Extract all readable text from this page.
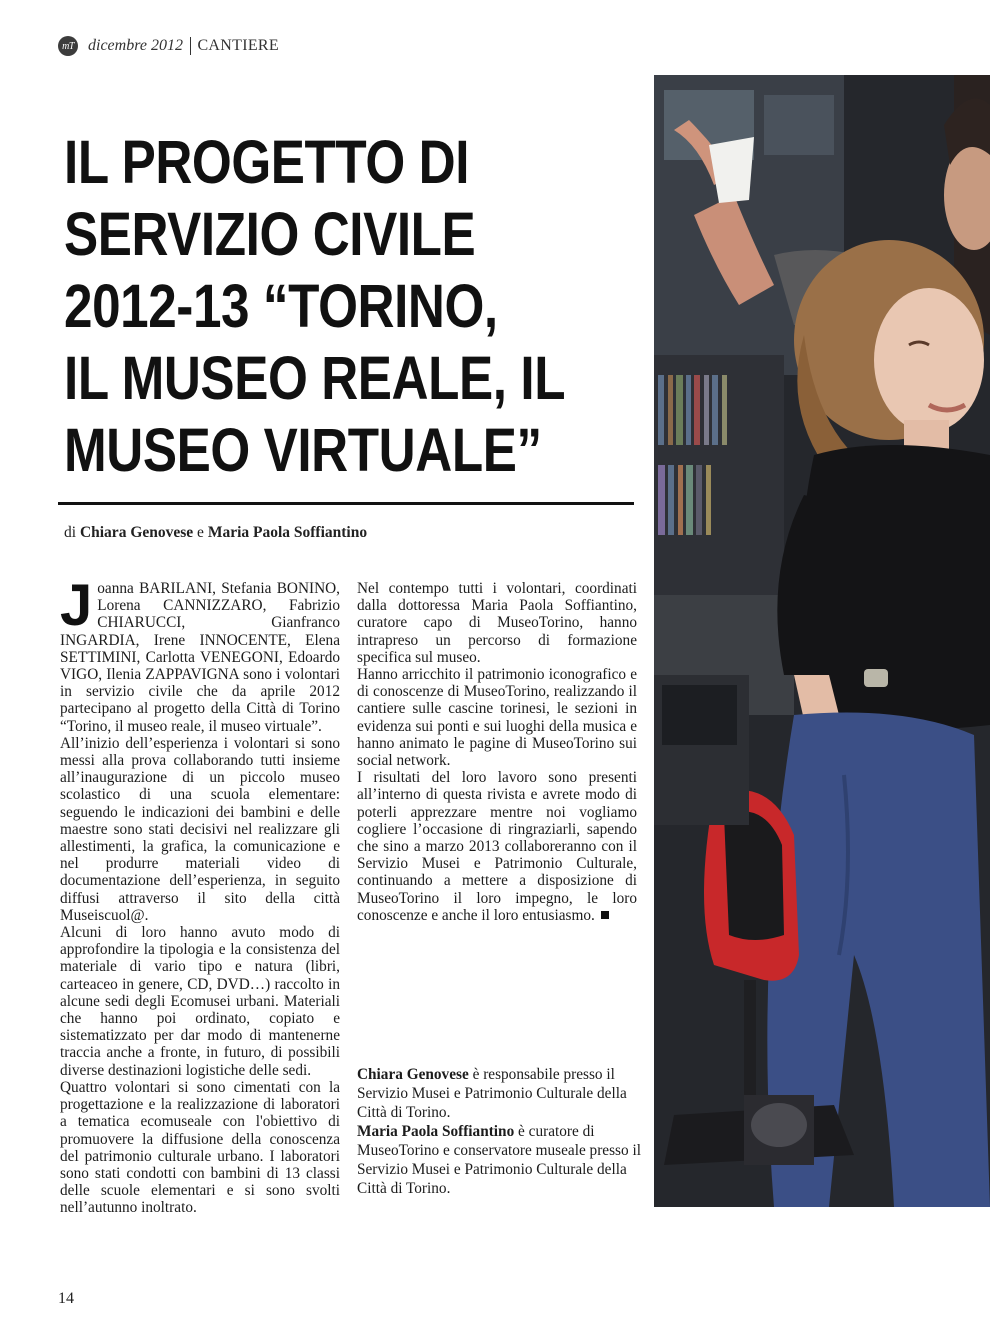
mT dicembre 2012 CANTIERE
IL PROGETTO DI
SERVIZIO CIVILE
2012-13 “TORINO,
IL MUSEO REALE, IL
MUSEO VIRTUALE”
di Chiara Genovese e Maria Paola Soffiantino

Joanna BARILANI, Stefania BONINO, Lorena CANNIZZARO, Fabrizio CHIARUCCI, Gianfranco INGARDIA, Irene INNOCENTE, Elena SETTIMINI, Carlotta VENEGONI, Edoardo VIGO, Ilenia ZAPPAVIGNA sono i volontari in servizio civile che da aprile 2012 partecipano al progetto della Città di Torino “Torino, il museo reale, il museo virtuale”.

All’inizio dell’esperienza i volontari si sono messi alla prova collaborando tutti insieme all’inaugurazione di un piccolo museo scolastico di una scuola elementare: seguendo le indicazioni dei bambini e delle maestre sono stati decisivi nel realizzare gli allestimenti, la grafica, la comunicazione e nel produrre materiali video di documentazione dell’esperienza, in seguito diffusi attraverso il sito della città Museiscuol@.

Alcuni di loro hanno avuto modo di approfondire la tipologia e la consistenza del materiale di vario tipo e natura (libri, carteaceo in genere, CD, DVD…) raccolto in alcune sedi degli Ecomusei urbani. Materiali che hanno poi ordinato, copiato e sistematizzato per dar modo di mantenerne traccia anche a fronte, in futuro, di possibili diverse destinazioni logistiche delle sedi.

Quattro volontari si sono cimentati con la progettazione e la realizzazione di laboratori a tematica ecomuseale con l'obiettivo di promuovere la diffusione della conoscenza del patrimonio culturale urbano. I laboratori sono stati condotti con bambini di 13 classi delle scuole elementari e si sono svolti nell’autunno inoltrato.

Nel contempo tutti i volontari, coordinati dalla dottoressa Maria Paola Soffiantino, curatore capo di MuseoTorino, hanno intrapreso un percorso di formazione specifica sul museo.

Hanno arricchito il patrimonio iconografico e di conoscenze di MuseoTorino, realizzando il cantiere sulle cascine torinesi, le sezioni in evidenza sui ponti e sui luoghi della musica e hanno animato le pagine di MuseoTorino sui social network.

I risultati del loro lavoro sono presenti all’interno di questa rivista e avrete modo di poterli apprezzare mentre noi vogliamo cogliere l’occasione di ringraziarli, sapendo che sino a marzo 2013 collaboreranno con il Servizio Musei e Patrimonio Culturale, continuando a mettere a disposizione di MuseoTorino il loro impegno, le loro conoscenze e anche il loro entusiasmo.

Chiara Genovese è responsabile presso il Servizio Musei e Patrimonio Culturale della Città di Torino.

Maria Paola Soffiantino è curatore di MuseoTorino e conservatore museale presso il Servizio Musei e Patrimonio Culturale della Città di Torino.

14
